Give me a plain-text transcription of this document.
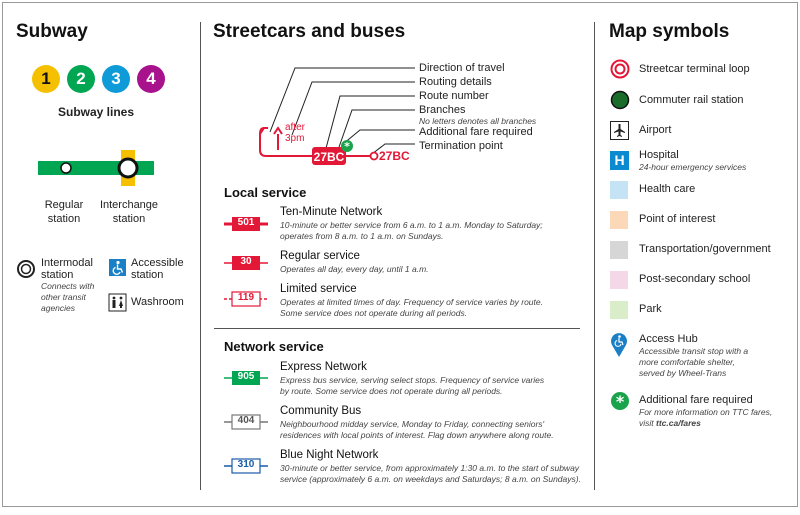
Subway
1	2	3	4
Subway lines
Regular station
Interchange station
Intermodal station
Connects with other transit agencies
Accessible station
Washroom
Streetcars and buses
*
after 3pm
27BC	27BC
Direction of travel
Routing details
Route number
Branches
No letters denotes all branches
Additional fare required
Termination point
Local service
501
Ten-Minute Network
10-minute or better service from 6 a.m. to 1 a.m. Monday to Saturday; operates from 8 a.m. to 1 a.m. on Sundays.
30	Regular service
Operates all day, every day, until 1 a.m.
119
Limited service
Operates at limited times of day. Frequency of service varies by route. Some service does not operate during all periods.
Network service
905
Express Network
Express bus service, serving select stops. Frequency of service varies by route. Some service does not operate during all periods.
404
Community Bus
Neighbourhood midday service, Monday to Friday, connecting seniors' residences with local points of interest. Flag down anywhere along route.
310
Blue Night Network
30-minute or better service, from approximately 1:30 a.m. to the start of subway service (approximately 6 a.m. on weekdays and Saturdays; 8 a.m. on Sundays).
Map symbols
Streetcar terminal loop
Commuter rail station
Airport
H	Hospital
24-hour emergency services
Health care
Point of interest
Transportation/government
Post-secondary school
Park
Access Hub
Accessible transit stop with a more comfortable shelter, served by Wheel-Trans
* Additional fare required
For more information on TTC fares,
visit ttc.ca/fares
